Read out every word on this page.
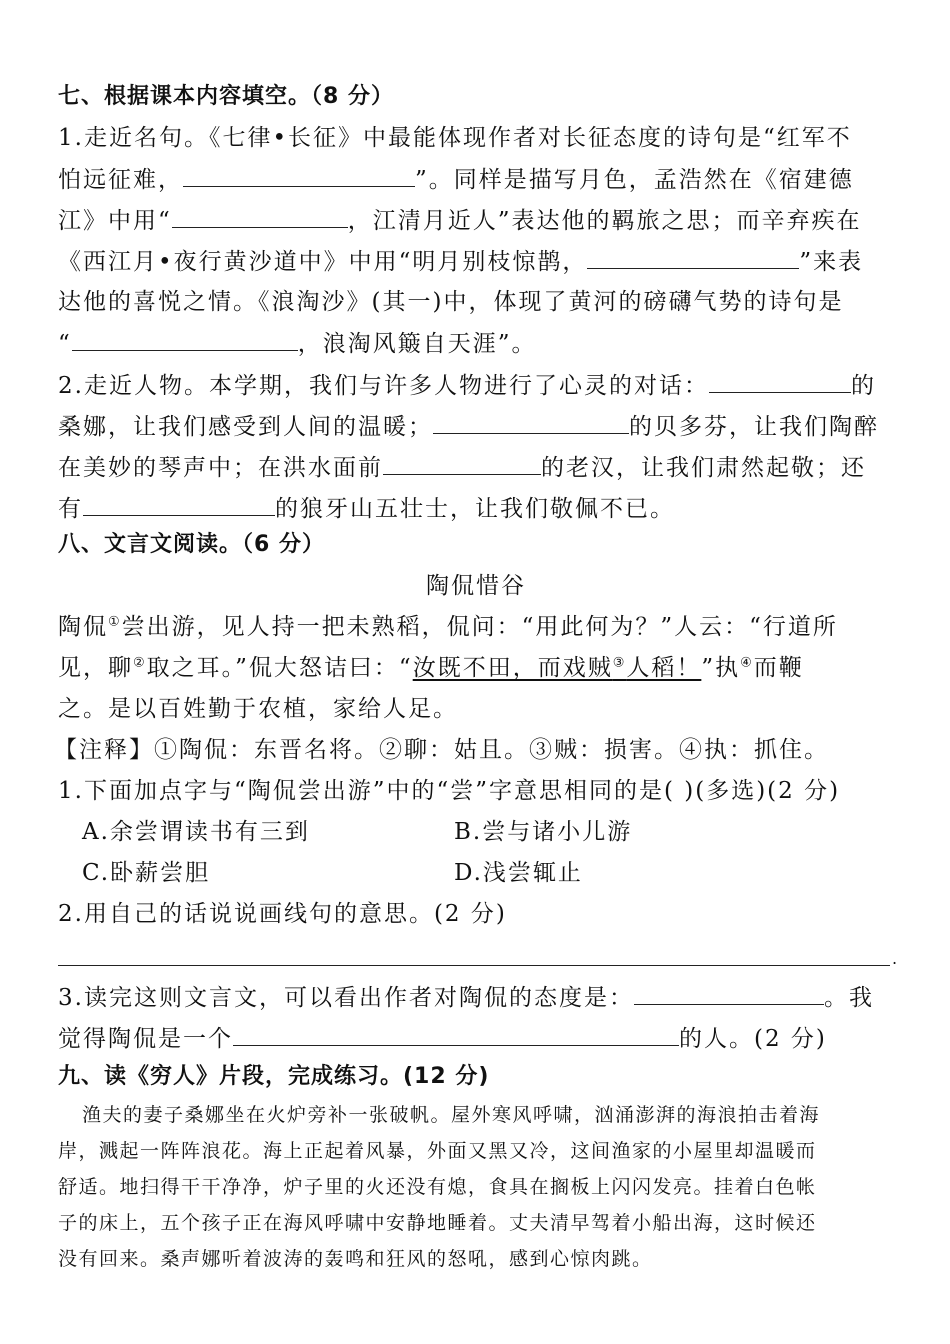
七、根据课本内容填空。（8 分）
1.走近名句。《七律•长征》中最能体现作者对长征态度的诗句是“红军不
怕远征难，	”。同样是描写月色，孟浩然在《宿建德
江》中用“	，江清月近人”表达他的羁旅之思；而辛弃疾在
《西江月•夜行黄沙道中》中用“明月别枝惊鹊，	”来表
达他的喜悦之情。《浪淘沙》(其一)中，体现了黄河的磅礴气势的诗句是
“	，浪淘风簸自天涯”。
2.走近人物。本学期，我们与许多人物进行了心灵的对话：	的
桑娜，让我们感受到人间的温暖；	的贝多芬，让我们陶醉
在美妙的琴声中；在洪水面前	的老汉，让我们肃然起敬；还
有	的狼牙山五壮士，让我们敬佩不已。
八、文言文阅读。（6 分）
陶侃惜谷
陶侃①尝出游，见人持一把未熟稻，侃问：“用此何为？”人云：“行道所
见，聊②取之耳。”侃大怒诘曰：“汝既不田，而戏贼③人稻！”执④而鞭
之。是以百姓勤于农植，家给人足。
【注释】①陶侃：东晋名将。②聊：姑且。③贼：损害。④执：抓住。
1.下面加点字与“陶侃尝出游”中的“尝”字意思相同的是( )(多选)(2 分)
A.余尝谓读书有三到	B.尝与诸小儿游
C.卧薪尝胆	D.浅尝辄止
2.用自己的话说说画线句的意思。(2 分)
.
3.读完这则文言文，可以看出作者对陶侃的态度是：	。我
觉得陶侃是一个	的人。(2 分)
九、读《穷人》片段，完成练习。(12 分)
渔夫的妻子桑娜坐在火炉旁补一张破帆。屋外寒风呼啸，汹涌澎湃的海浪拍击着海
岸，溅起一阵阵浪花。海上正起着风暴，外面又黑又冷，这间渔家的小屋里却温暖而
舒适。地扫得干干净净，炉子里的火还没有熄，食具在搁板上闪闪发亮。挂着白色帐
子的床上，五个孩子正在海风呼啸中安静地睡着。丈夫清早驾着小船出海，这时候还
没有回来。桑声娜听着波涛的轰鸣和狂风的怒吼，感到心惊肉跳。
